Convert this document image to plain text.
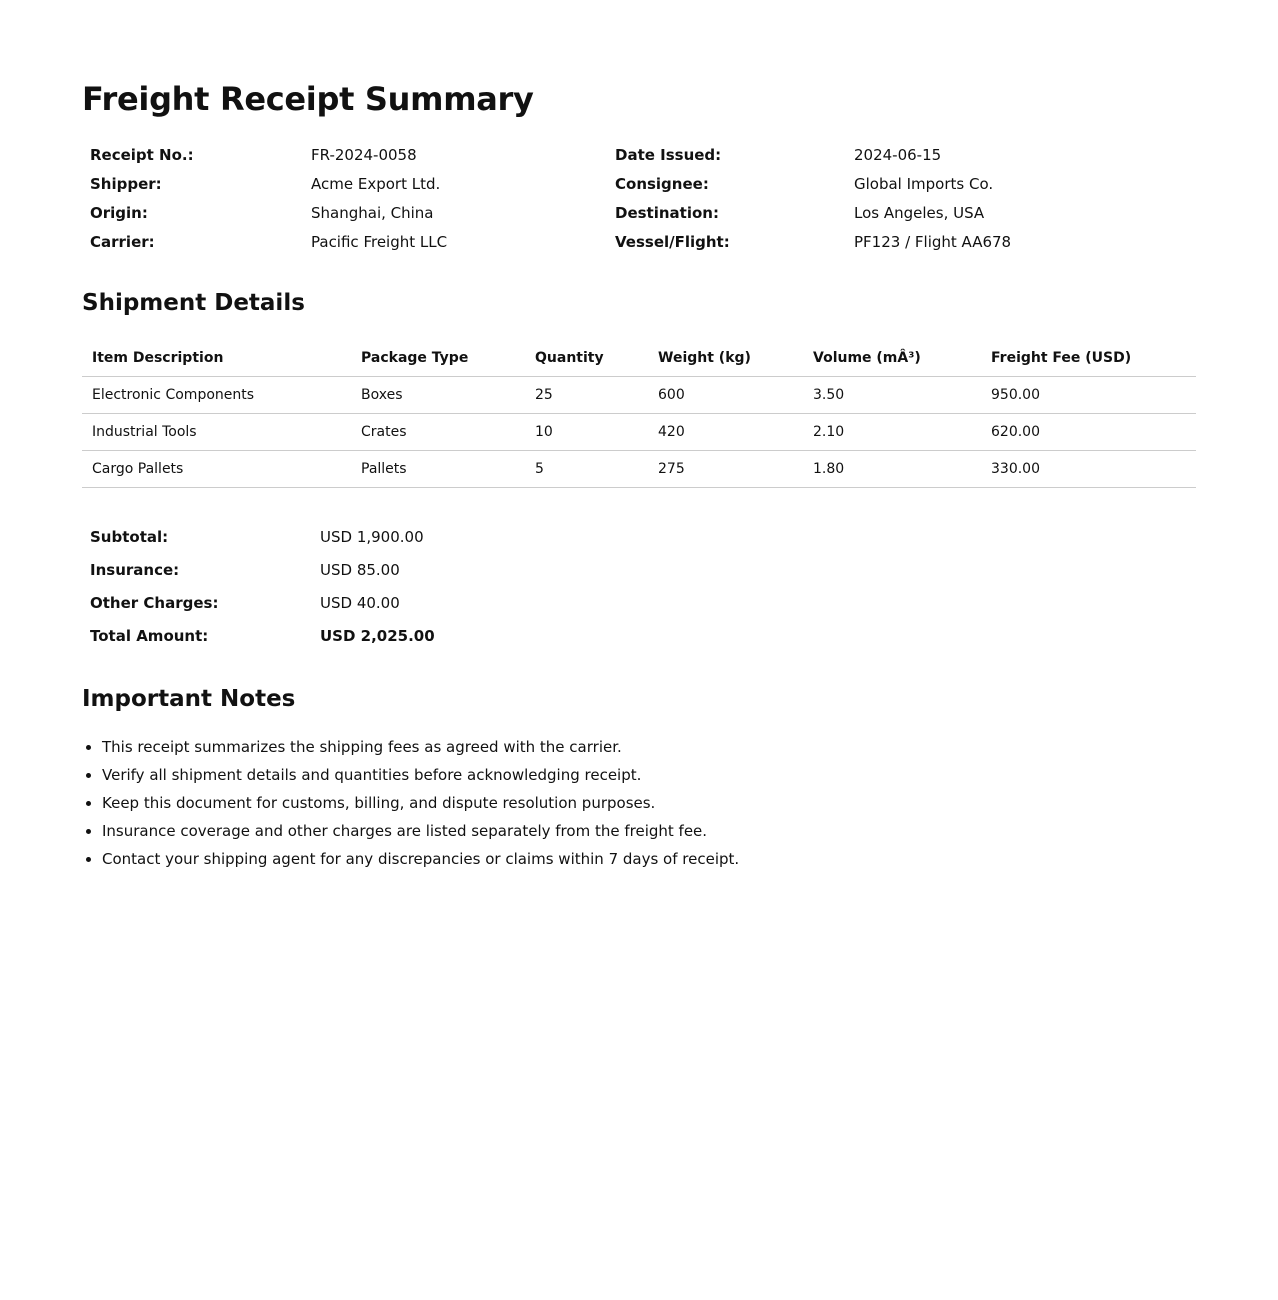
Freight Receipt Summary
Receipt No.:	FR-2024-0058	Date Issued:	2024-06-15
Shipper:	Acme Export Ltd.	Consignee:	Global Imports Co.
Origin:	Shanghai, China	Destination:	Los Angeles, USA
Carrier:	Pacific Freight LLC	Vessel/Flight:	PF123 / Flight AA678
Shipment Details
Item Description	Package Type	Quantity	Weight (kg)	Volume (mÂ³)	Freight Fee (USD)
Electronic Components	Boxes	25	600	3.50	950.00
Industrial Tools	Crates	10	420	2.10	620.00
Cargo Pallets	Pallets	5	275	1.80	330.00
Subtotal:	USD 1,900.00
Insurance:	USD 85.00
Other Charges:	USD 40.00
Total Amount:	USD 2,025.00
Important Notes
• This receipt summarizes the shipping fees as agreed with the carrier.
• Verify all shipment details and quantities before acknowledging receipt.
• Keep this document for customs, billing, and dispute resolution purposes.
• Insurance coverage and other charges are listed separately from the freight fee.
• Contact your shipping agent for any discrepancies or claims within 7 days of receipt.
